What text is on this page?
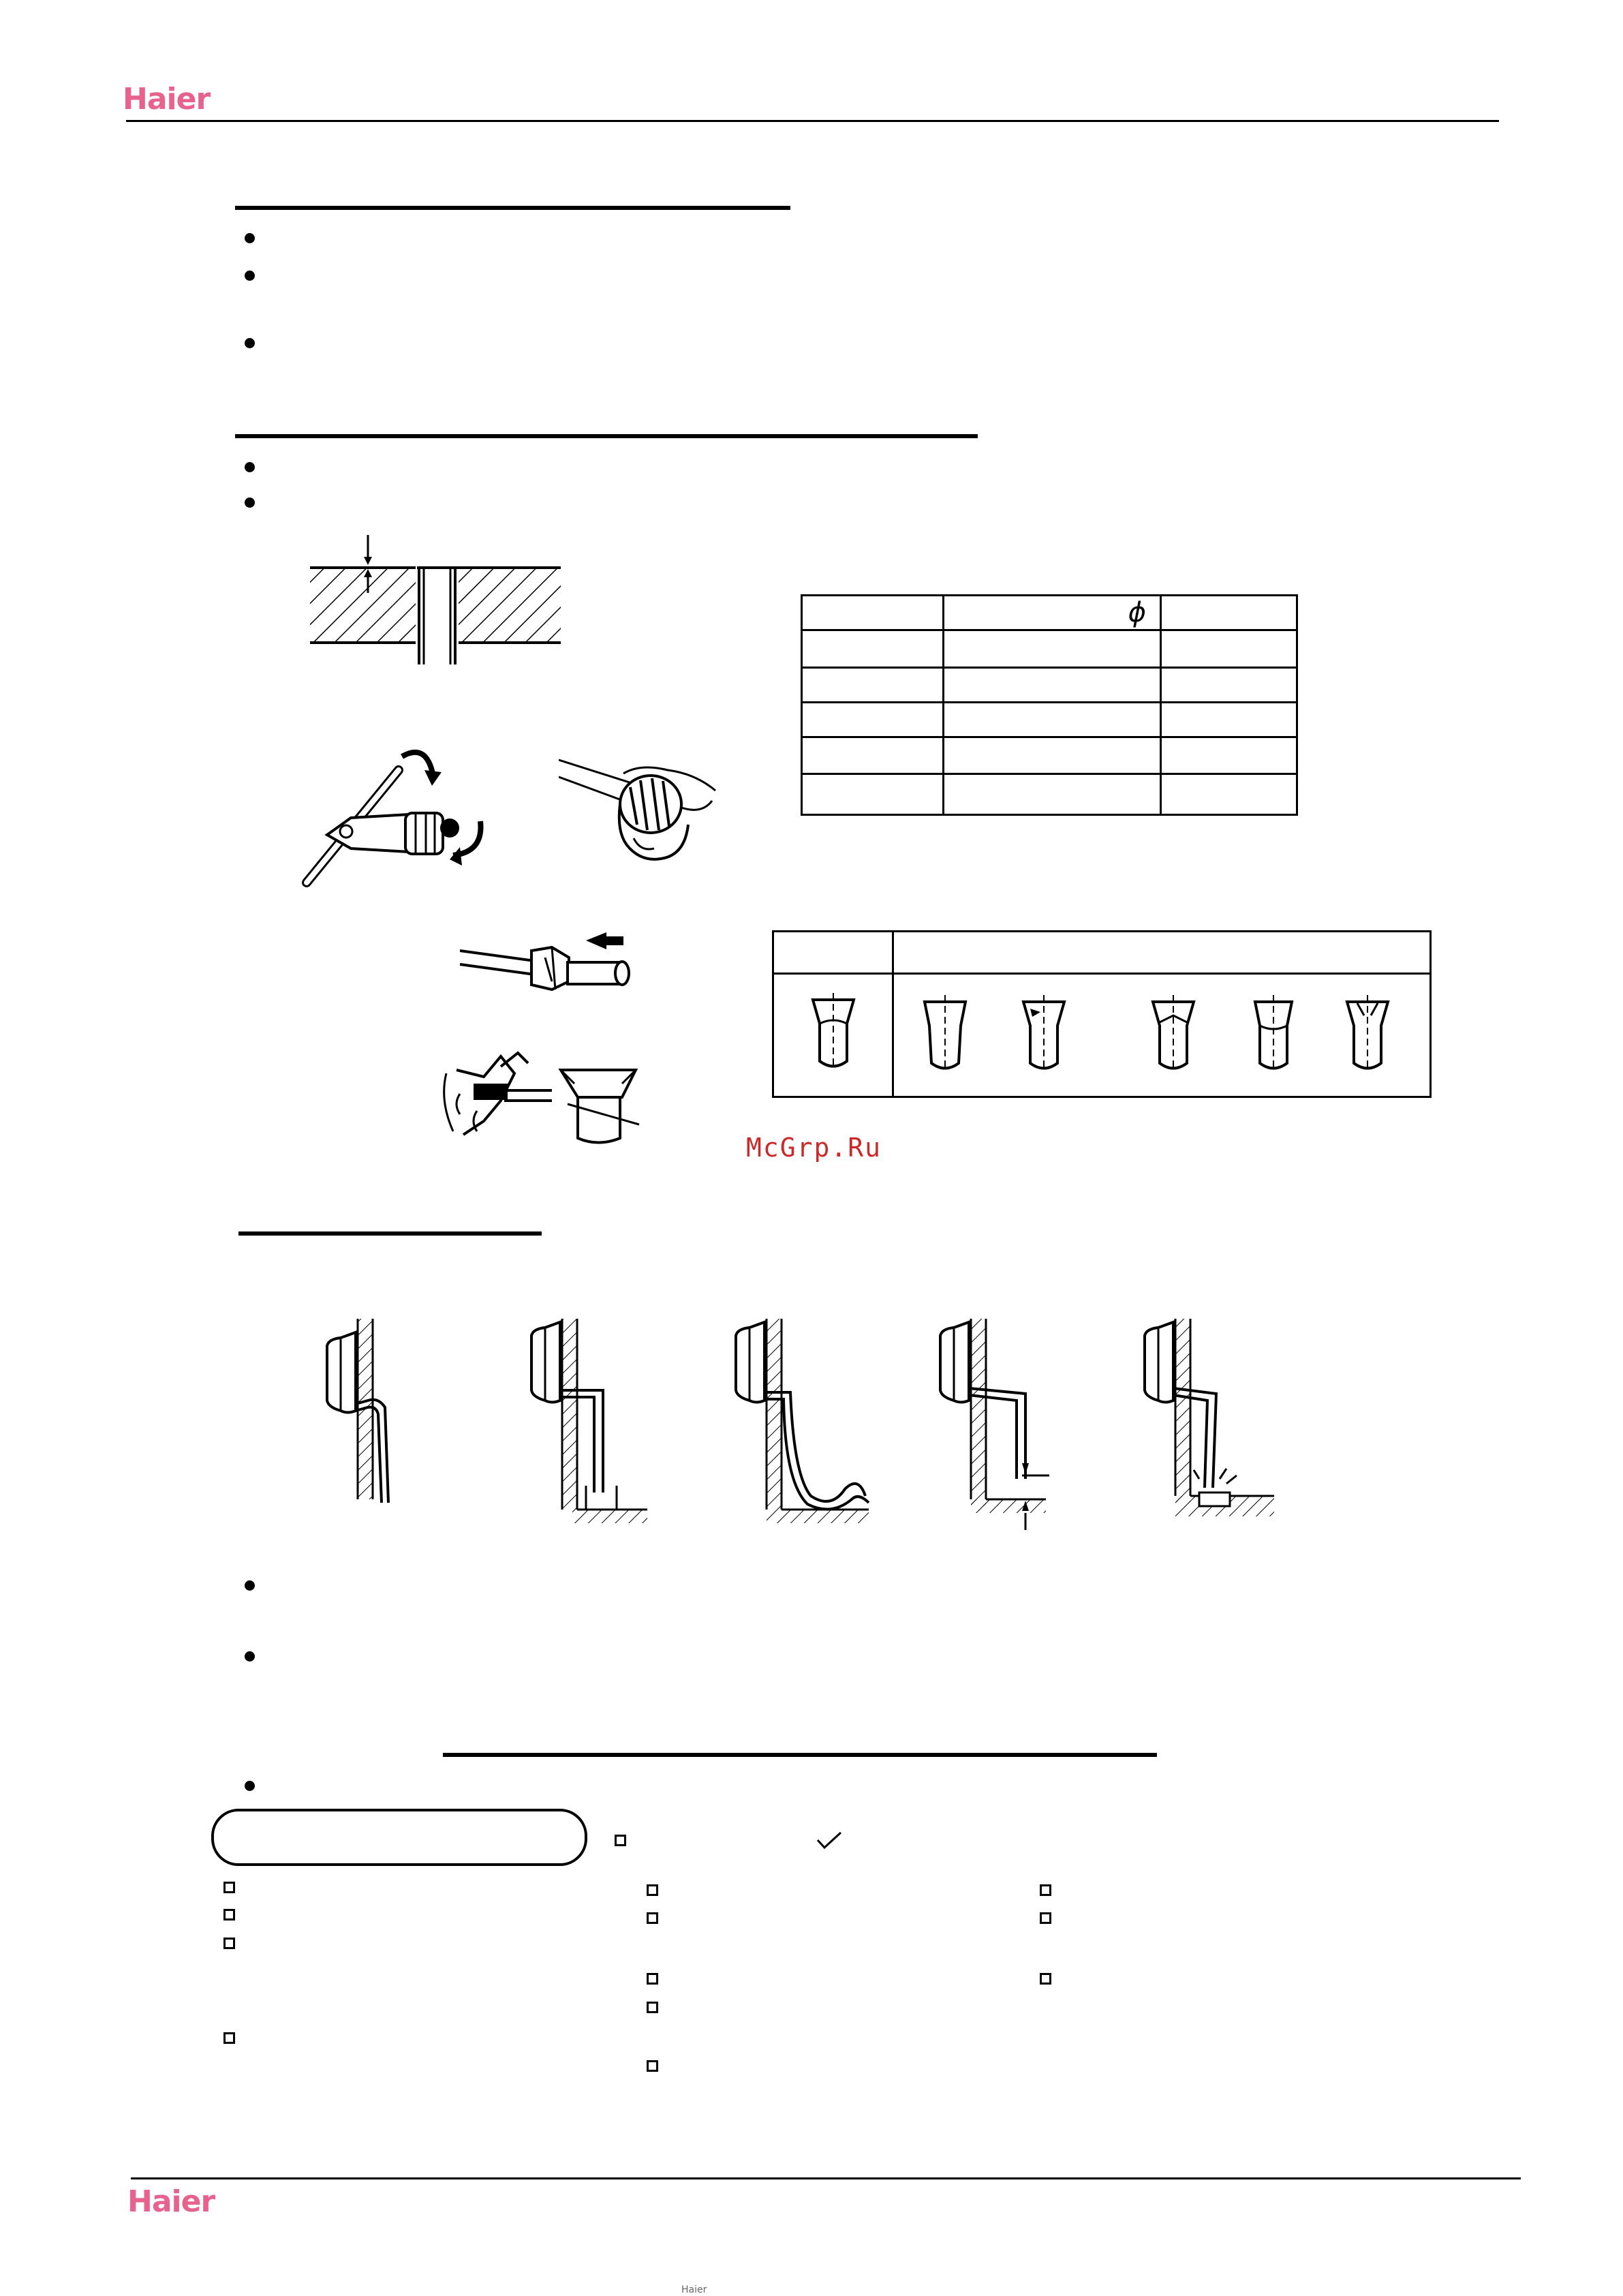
Haier
	ϕ	

McGrp.Ru
Haier
Haier
